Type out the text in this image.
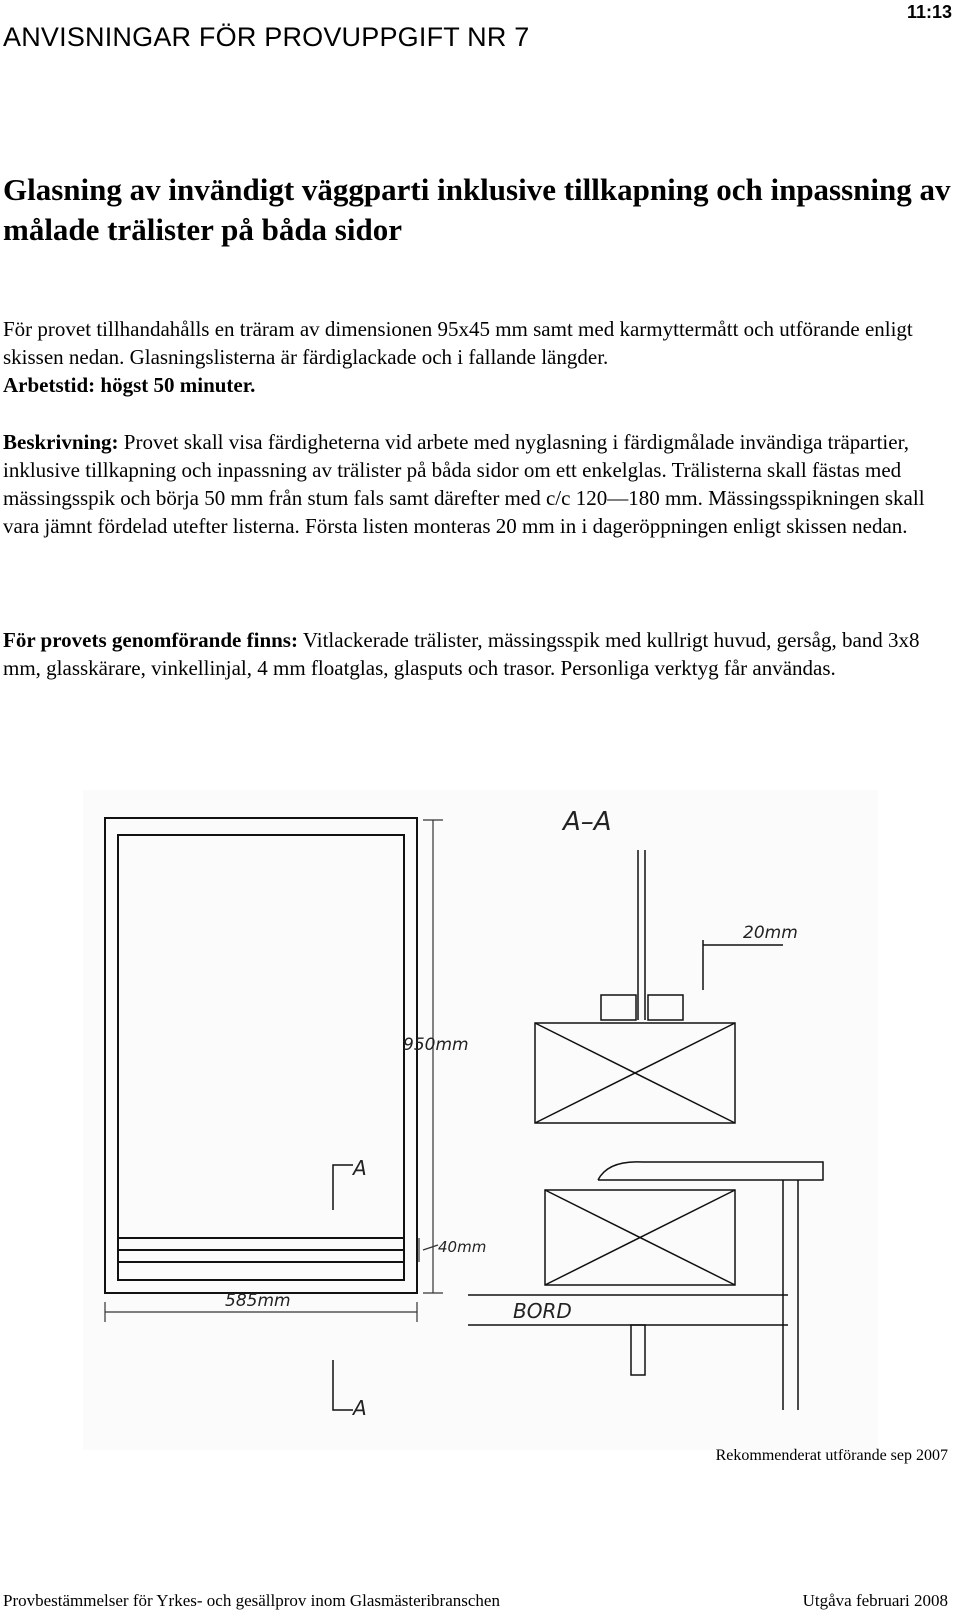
ANVISNINGAR FÖR PROVUPPGIFT NR 7
11:13
Glasning av invändigt väggparti inklusive tillkapning och inpassning av målade trälister på båda sidor
För provet tillhandahålls en träram av dimensionen 95x45 mm samt med karmyttermått och utförande enligt skissen nedan. Glasningslisterna är färdiglackade och i fallande längder.
Arbetstid: högst 50 minuter.
Beskrivning: Provet skall visa färdigheterna vid arbete med nyglasning i färdigmålade invändiga träpartier, inklusive tillkapning och inpassning av trälister på båda sidor om ett enkelglas. Trälisterna skall fästas med mässingsspik och börja 50 mm från stum fals samt därefter med c/c 120—180 mm. Mässingsspikningen skall vara jämnt fördelad utefter listerna. Första listen monteras 20 mm in i dageröppningen enligt skissen nedan.
För provets genomförande finns: Vitlackerade trälister, mässingsspik med kullrigt huvud, gersåg, band 3x8 mm, glasskärare, vinkellinjal, 4 mm floatglas, glasputs och trasor. Personliga verktyg får användas.
950mm
585mm
40mm
A
A
A–A
20mm
BORD
Rekommenderat utförande sep 2007
Provbestämmelser för Yrkes- och gesällprov inom Glasmästeribranschen	Utgåva februari 2008
